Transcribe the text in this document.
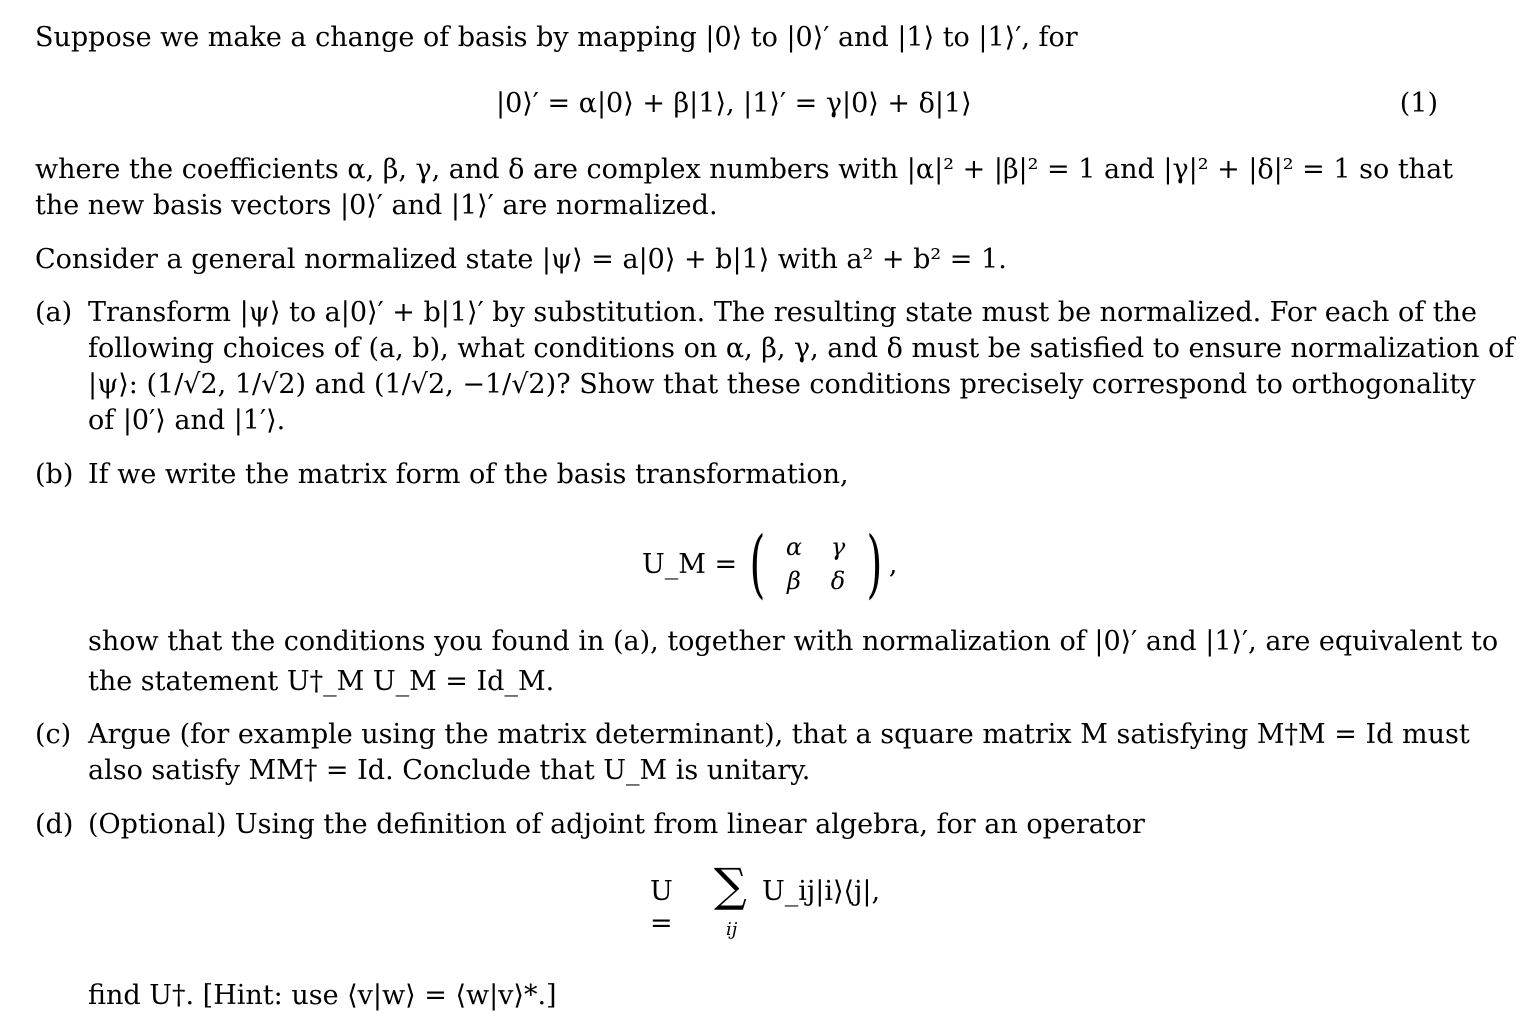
Suppose we make a change of basis by mapping |0⟩ to |0⟩′ and |1⟩ to |1⟩′, for
|0⟩′ = α|0⟩ + β|1⟩, |1⟩′ = γ|0⟩ + δ|1⟩	(1)
where the coefficients α, β, γ, and δ are complex numbers with |α|² + |β|² = 1 and |γ|² + |δ|² = 1 so that
the new basis vectors |0⟩′ and |1⟩′ are normalized.
Consider a general normalized state |ψ⟩ = a|0⟩ + b|1⟩ with a² + b² = 1.
(a) Transform |ψ⟩ to a|0⟩′ + b|1⟩′ by substitution. The resulting state must be normalized. For each of the
following choices of (a, b), what conditions on α, β, γ, and δ must be satisfied to ensure normalization of
|ψ⟩: (1/√2, 1/√2) and (1/√2, −1/√2)? Show that these conditions precisely correspond to orthogonality
of |0′⟩ and |1′⟩.
(b) If we write the matrix form of the basis transformation,
U_M = ( α	γ
β	δ ) ,
show that the conditions you found in (a), together with normalization of |0⟩′ and |1⟩′, are equivalent to
the statement U†_M U_M = Id_M.
(c) Argue (for example using the matrix determinant), that a square matrix M satisfying M†M = Id must
also satisfy MM† = Id. Conclude that U_M is unitary.
(d) (Optional) Using the definition of adjoint from linear algebra, for an operator
U =
∑
ij
U_ij|i⟩⟨j|,
find U†. [Hint: use ⟨v|w⟩ = ⟨w|v⟩*.]
